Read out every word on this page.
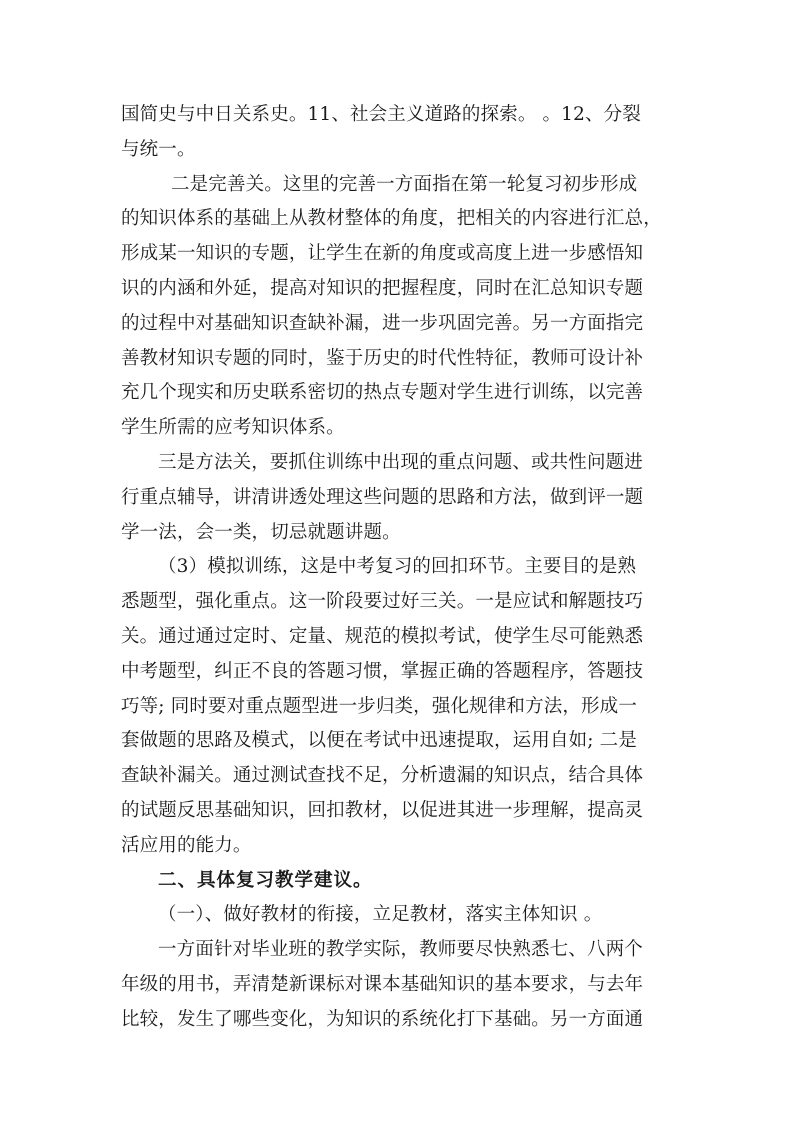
国简史与中日关系史。11、社会主义道路的探索。 。12、分裂
与统一。
二是完善关。这里的完善一方面指在第一轮复习初步形成
的知识体系的基础上从教材整体的角度，把相关的内容进行汇总，
形成某一知识的专题，让学生在新的角度或高度上进一步感悟知
识的内涵和外延，提高对知识的把握程度，同时在汇总知识专题
的过程中对基础知识查缺补漏，进一步巩固完善。另一方面指完
善教材知识专题的同时，鉴于历史的时代性特征，教师可设计补
充几个现实和历史联系密切的热点专题对学生进行训练，以完善
学生所需的应考知识体系。
三是方法关，要抓住训练中出现的重点问题、或共性问题进
行重点辅导，讲清讲透处理这些问题的思路和方法，做到评一题
学一法，会一类，切忌就题讲题。
（3）模拟训练，这是中考复习的回扣环节。主要目的是熟
悉题型，强化重点。这一阶段要过好三关。一是应试和解题技巧
关。通过通过定时、定量、规范的模拟考试，使学生尽可能熟悉
中考题型，纠正不良的答题习惯，掌握正确的答题程序，答题技
巧等; 同时要对重点题型进一步归类，强化规律和方法，形成一
套做题的思路及模式，以便在考试中迅速提取，运用自如; 二是
查缺补漏关。通过测试查找不足，分析遗漏的知识点，结合具体
的试题反思基础知识，回扣教材，以促进其进一步理解，提高灵
活应用的能力。
二、具体复习教学建议。
（一）、做好教材的衔接，立足教材，落实主体知识 。
一方面针对毕业班的教学实际，教师要尽快熟悉七、八两个
年级的用书，弄清楚新课标对课本基础知识的基本要求，与去年
比较，发生了哪些变化，为知识的系统化打下基础。另一方面通
